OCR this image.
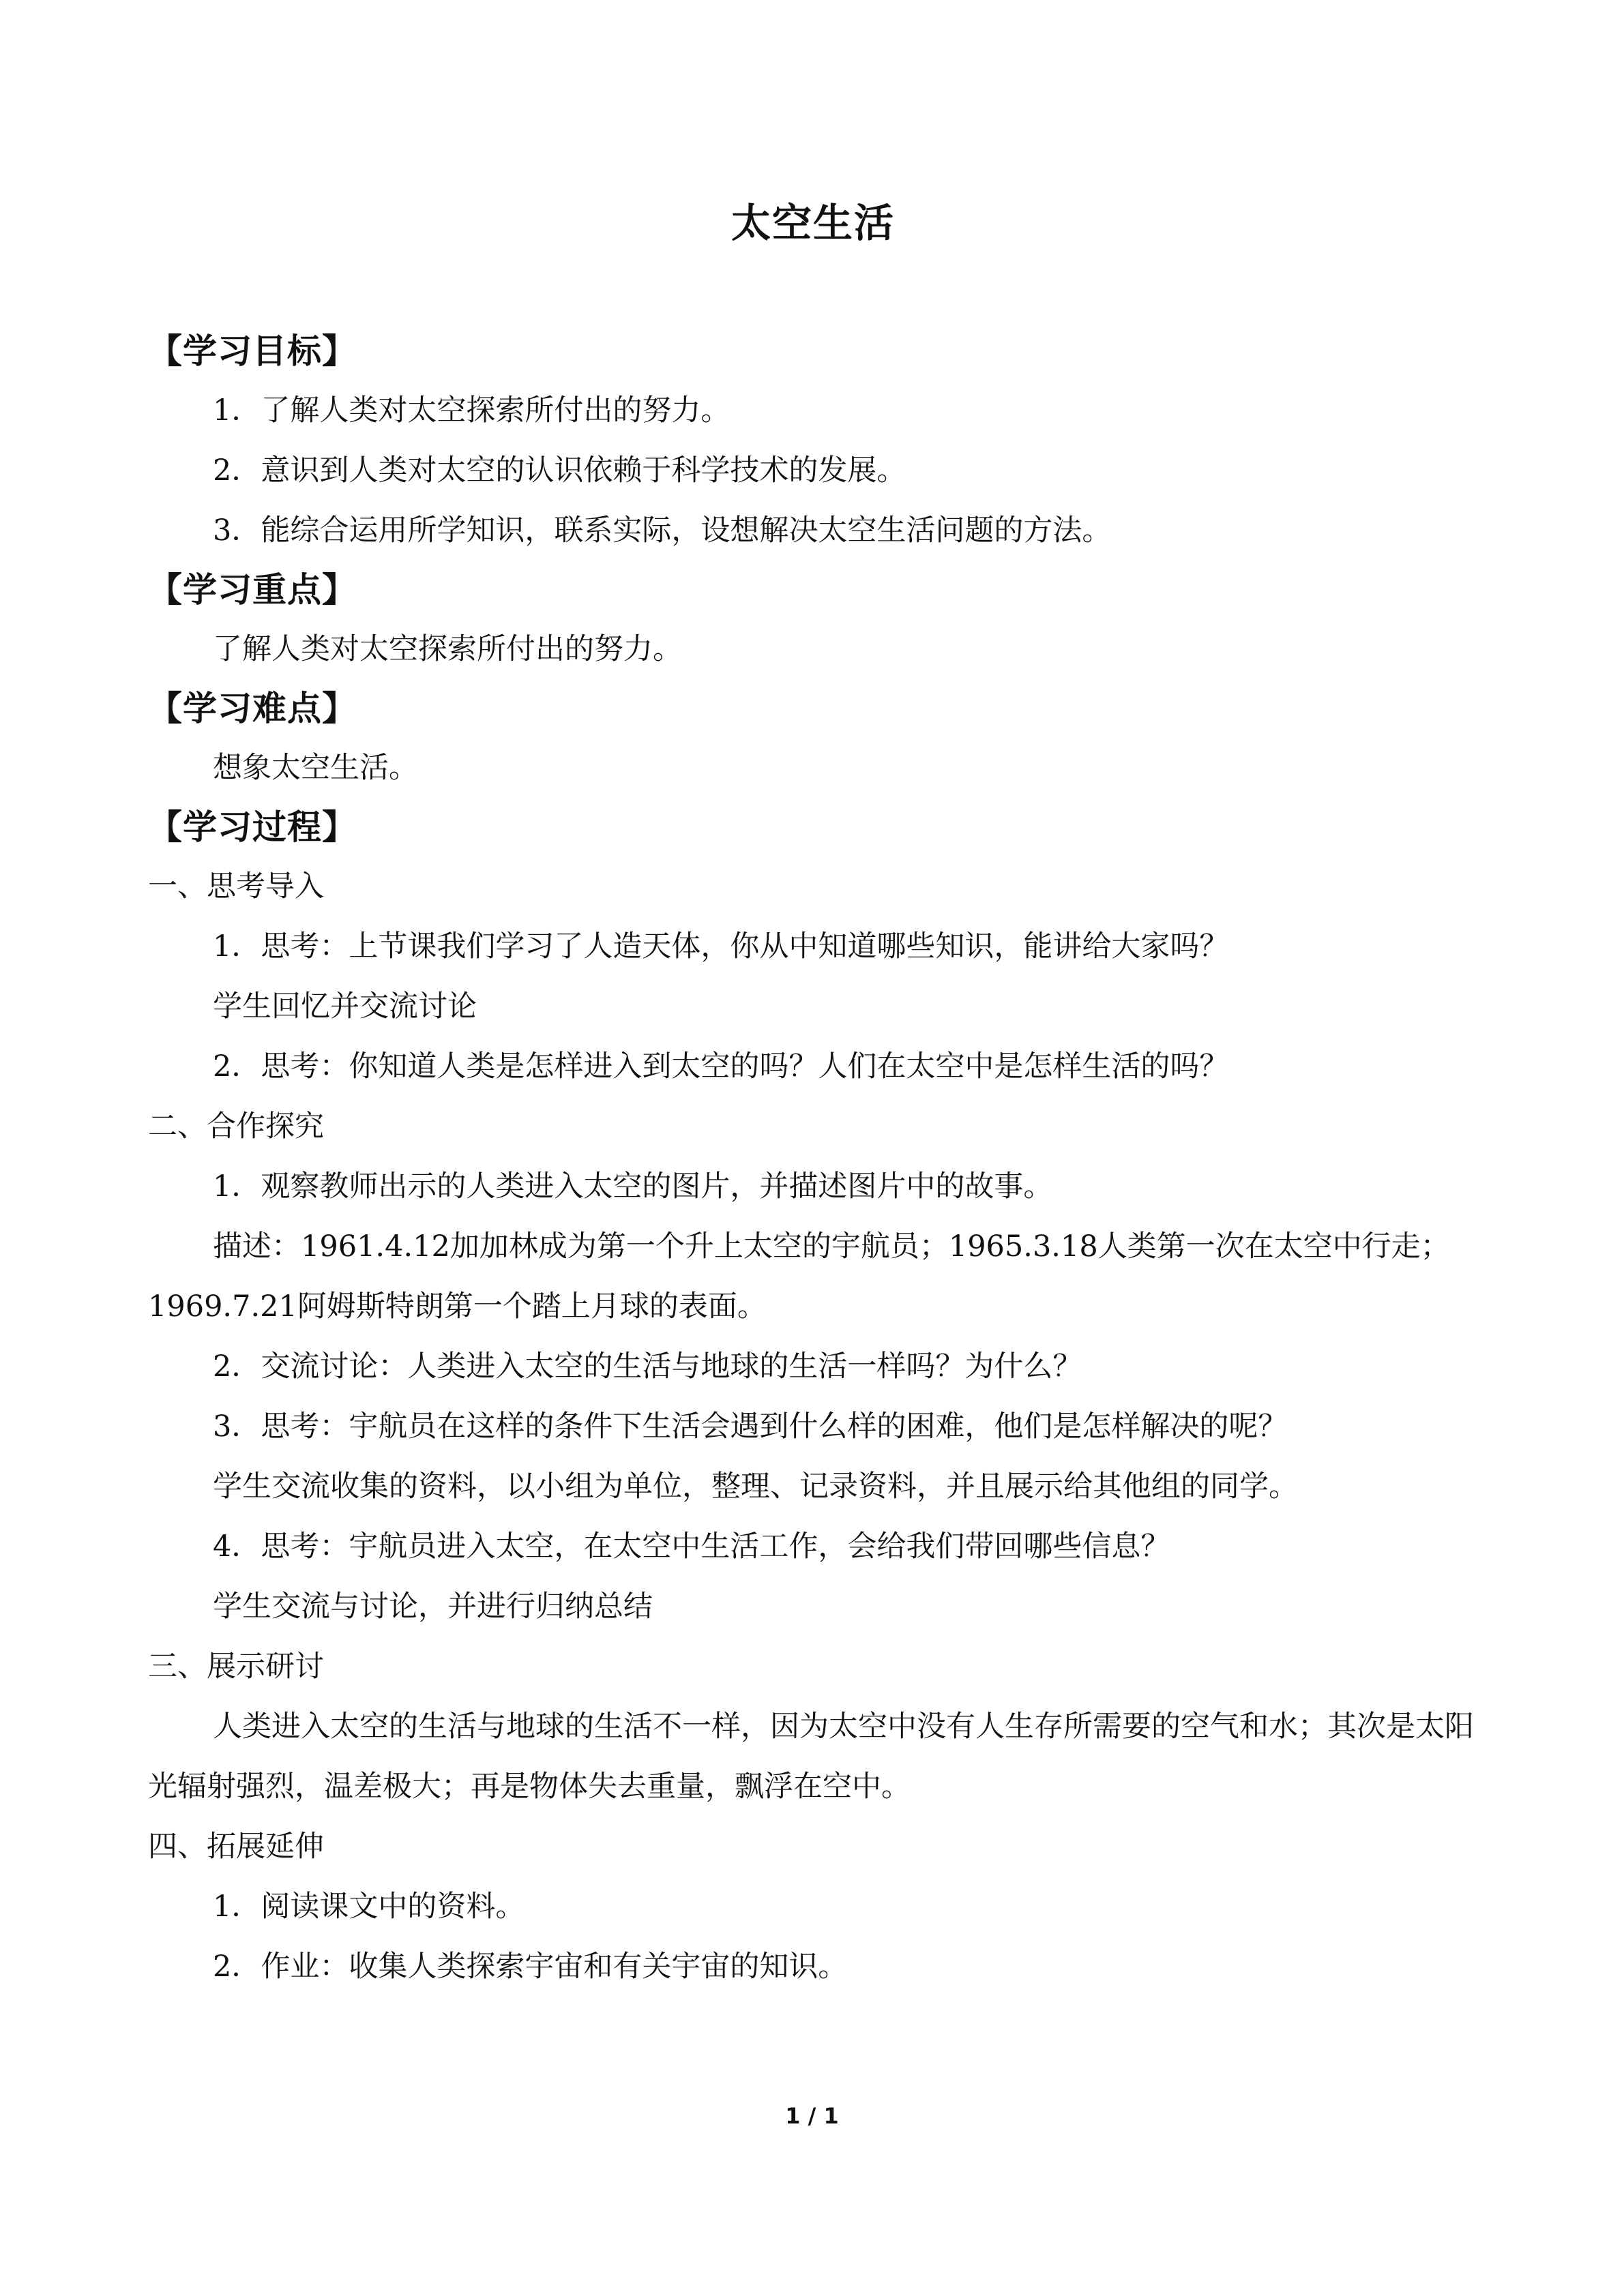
太空生活
【学习目标】
1．了解人类对太空探索所付出的努力。
2．意识到人类对太空的认识依赖于科学技术的发展。
3．能综合运用所学知识，联系实际，设想解决太空生活问题的方法。
【学习重点】
了解人类对太空探索所付出的努力。
【学习难点】
想象太空生活。
【学习过程】
一、思考导入
1．思考：上节课我们学习了人造天体，你从中知道哪些知识，能讲给大家吗？
学生回忆并交流讨论
2．思考：你知道人类是怎样进入到太空的吗？人们在太空中是怎样生活的吗？
二、合作探究
1．观察教师出示的人类进入太空的图片，并描述图片中的故事。
描述：1961.4.12加加林成为第一个升上太空的宇航员；1965.3.18人类第一次在太空中行走；1969.7.21阿姆斯特朗第一个踏上月球的表面。
2．交流讨论：人类进入太空的生活与地球的生活一样吗？为什么？
3．思考：宇航员在这样的条件下生活会遇到什么样的困难，他们是怎样解决的呢？
学生交流收集的资料，以小组为单位，整理、记录资料，并且展示给其他组的同学。
4．思考：宇航员进入太空，在太空中生活工作，会给我们带回哪些信息？
学生交流与讨论，并进行归纳总结
三、展示研讨
人类进入太空的生活与地球的生活不一样，因为太空中没有人生存所需要的空气和水；其次是太阳光辐射强烈，温差极大；再是物体失去重量，飘浮在空中。
四、拓展延伸
1．阅读课文中的资料。
2．作业：收集人类探索宇宙和有关宇宙的知识。
1 / 1
